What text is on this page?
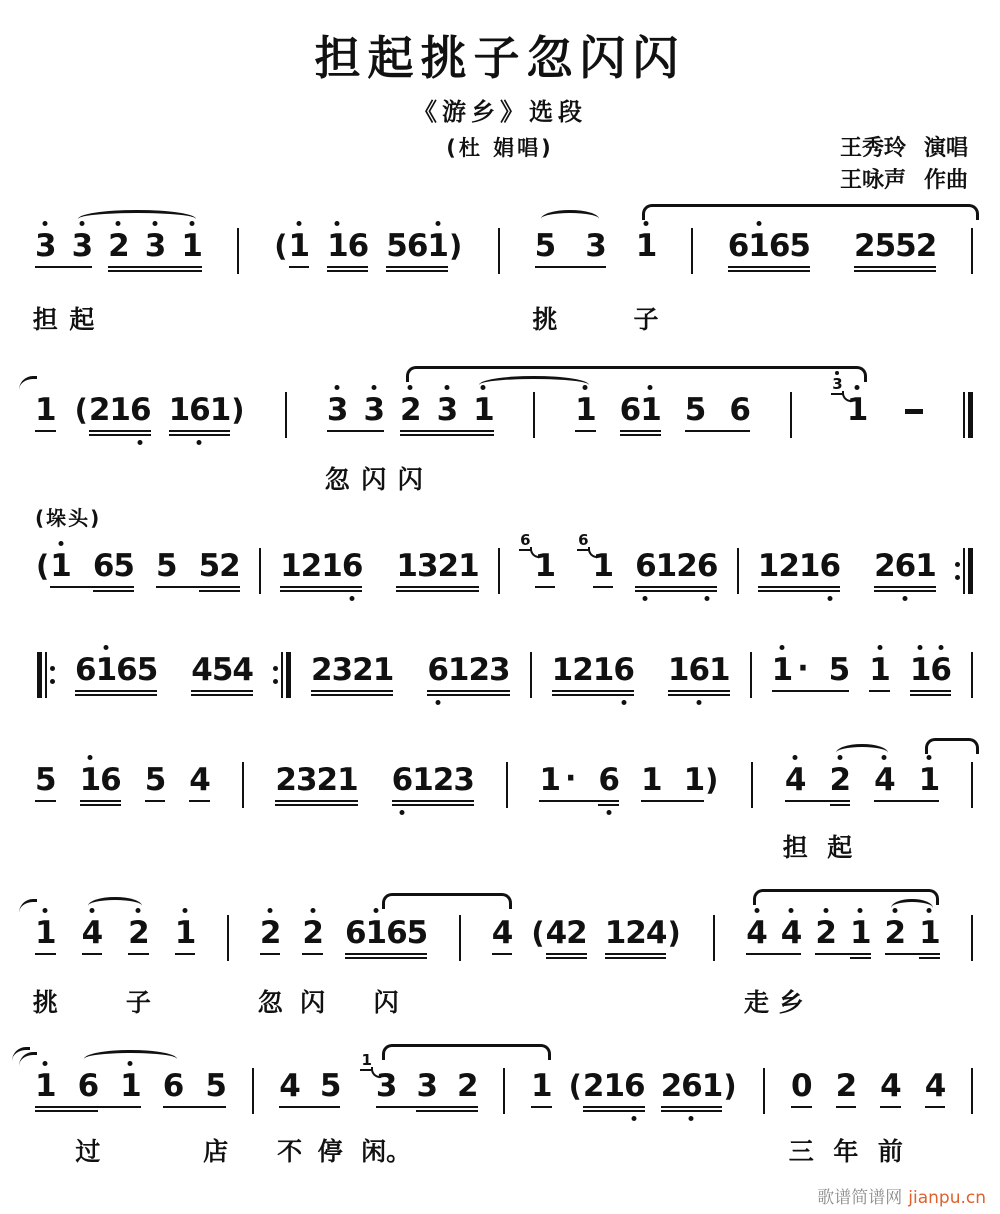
担起挑子忽闪闪
《游乡》选段
(杜 娟唱)	王秀玲 演唱
王咏声 作曲
3 3 2 3 1 ( 1 16 561 ) 5 3 1 6165 2552
担 起	挑	子
1 ( 216 161 )	3 3 2 3 1	1 61 5 6
3
1
忽 闪 闪
(垛头)
( 1 65 5 52 1216 1321
6
1
6
1 6126 1216 261
6165 454 2321 6123 1216 161 1 · 5 1 16
5 16 5 4 2321 6123 1 · 6 1 1 ) 4 2 4 1
担 起
1 4 2 1 2 2 6165 4 ( 42 124 ) 4 4 2 1 2 1
挑	子	忽 闪 闪	走 乡
1 6 1 6 5 4 5
1
3 3 2 1 ( 216 261 ) 0 2 4 4
过	店 不 停 闲。	三 年 前
歌谱简谱网 jianpu.cn
